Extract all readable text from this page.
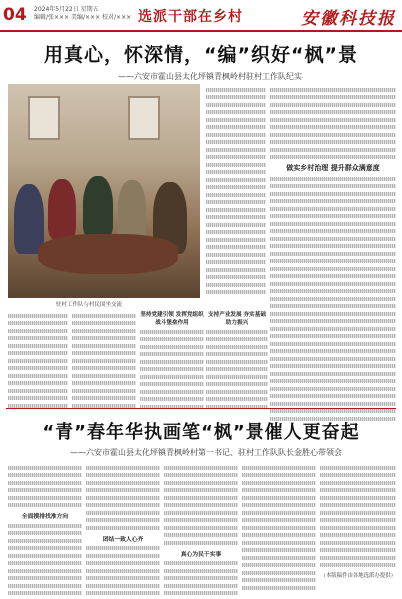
04 2024年5月22日 星期五
编辑/张××× 美编/××× 校对/××× 选派干部在乡村	安徽科技报
用真心，怀深情，“编”织好“枫”景
——六安市霍山县太化坪镇青枫岭村驻村工作队纪实
驻村工作队与村民围坐交流
做实乡村治理 提升群众满意度
坚持党建引领 发挥党组织战斗堡垒作用
支持产业发展 夯实基础 助力振兴
“青”春年华执画笔“枫”景催人更奋起
——六安市霍山县太化坪镇青枫岭村第一书记、驻村工作队队长金胜心带领会
全面摸排找准方向
团结一致人心齐
真心为民干实事
（本版稿件由各地选派办提供）
